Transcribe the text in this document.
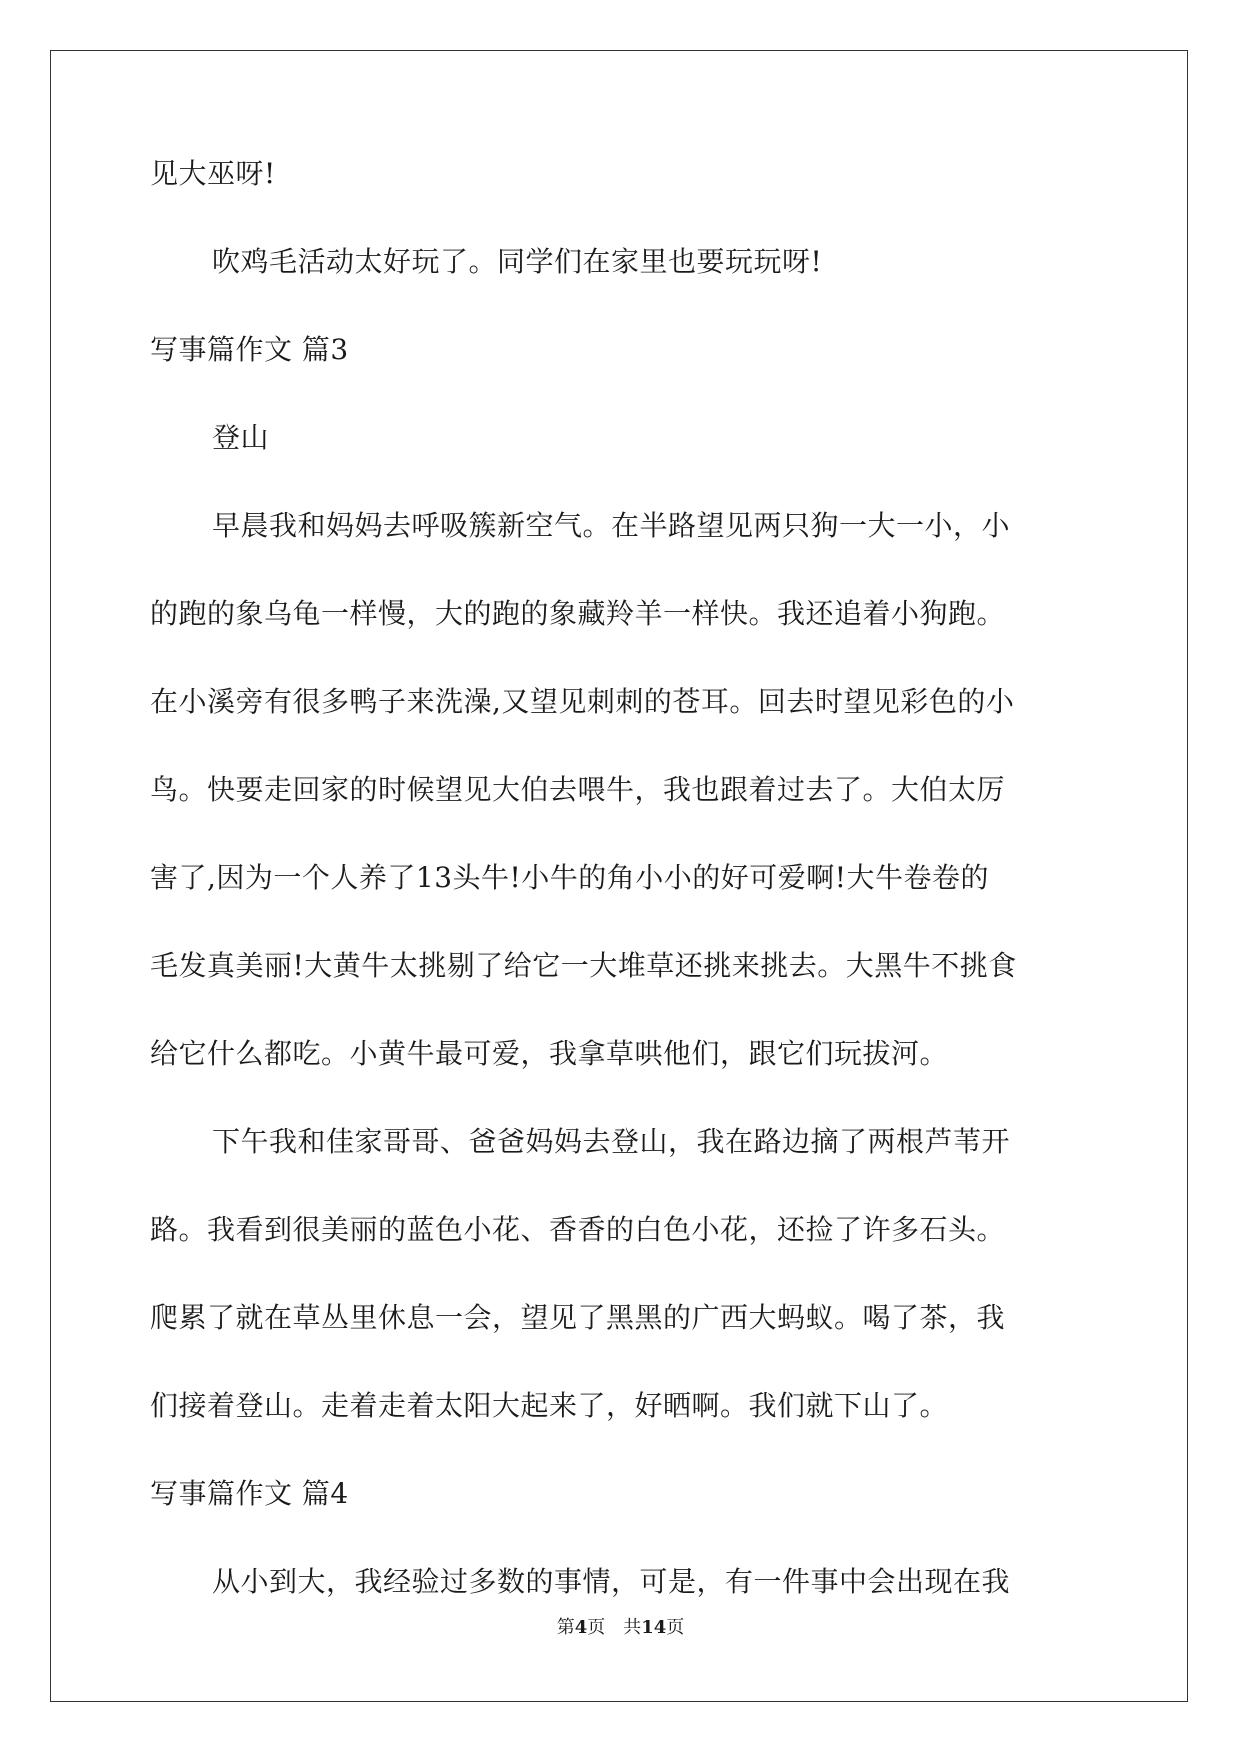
见大巫呀!
吹鸡毛活动太好玩了。同学们在家里也要玩玩呀!
写事篇作文 篇3
登山
早晨我和妈妈去呼吸簇新空气。在半路望见两只狗一大一小，小
的跑的象乌龟一样慢，大的跑的象藏羚羊一样快。我还追着小狗跑。
在小溪旁有很多鸭子来洗澡,又望见刺刺的苍耳。回去时望见彩色的小
鸟。快要走回家的时候望见大伯去喂牛，我也跟着过去了。大伯太厉
害了,因为一个人养了13头牛!小牛的角小小的好可爱啊!大牛卷卷的
毛发真美丽!大黄牛太挑剔了给它一大堆草还挑来挑去。大黑牛不挑食
给它什么都吃。小黄牛最可爱，我拿草哄他们，跟它们玩拔河。
下午我和佳家哥哥、爸爸妈妈去登山，我在路边摘了两根芦苇开
路。我看到很美丽的蓝色小花、香香的白色小花，还捡了许多石头。
爬累了就在草丛里休息一会，望见了黑黑的广西大蚂蚁。喝了茶，我
们接着登山。走着走着太阳大起来了，好晒啊。我们就下山了。
写事篇作文 篇4
从小到大，我经验过多数的事情，可是，有一件事中会出现在我
第4页　共14页
